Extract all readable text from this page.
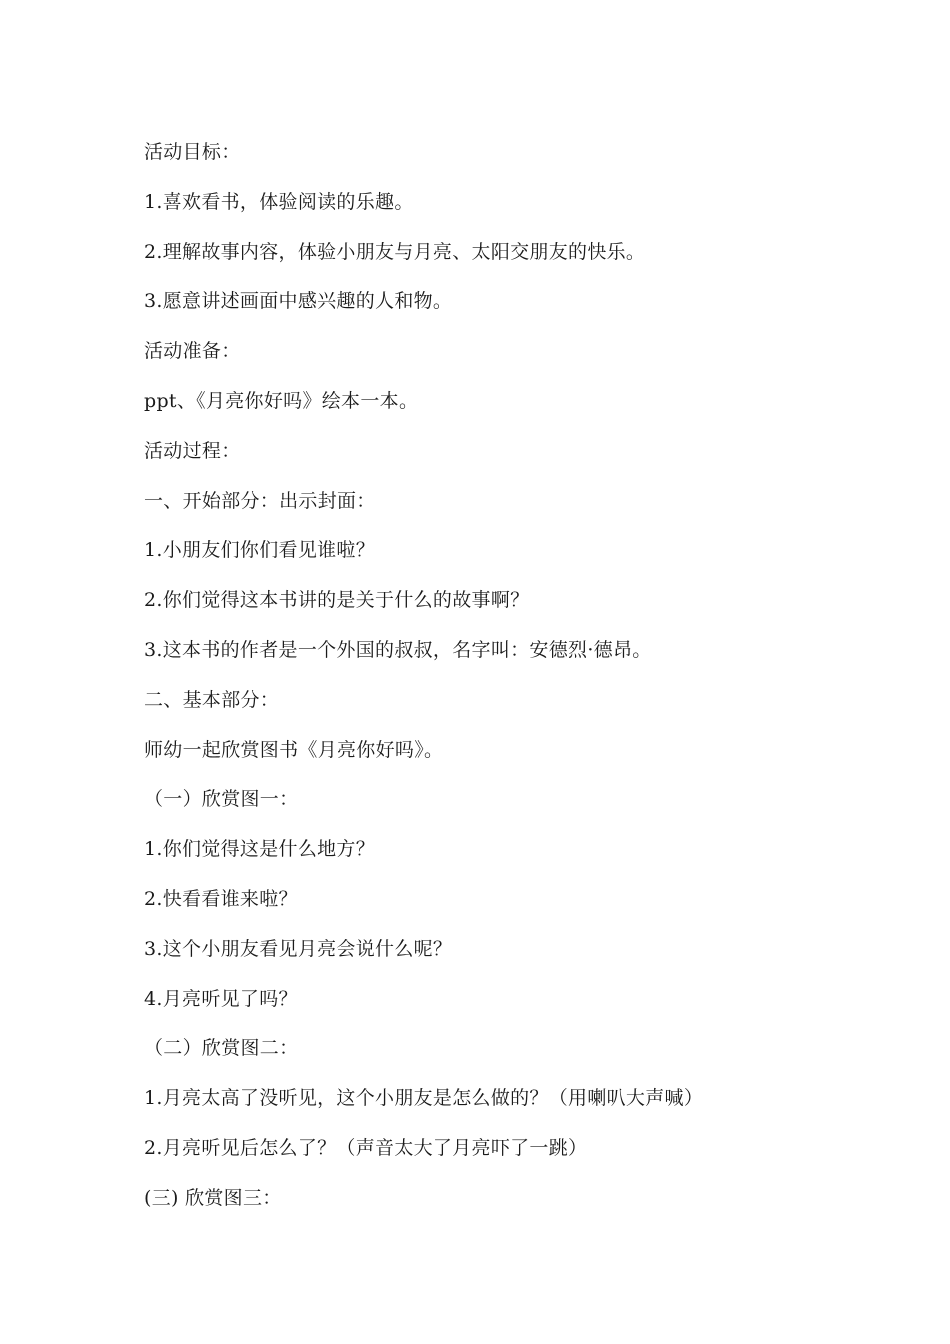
活动目标：
1.喜欢看书，体验阅读的乐趣。
2.理解故事内容，体验小朋友与月亮、太阳交朋友的快乐。
3.愿意讲述画面中感兴趣的人和物。
活动准备：
ppt、《月亮你好吗》绘本一本。
活动过程：
一、开始部分：出示封面：
1.小朋友们你们看见谁啦？
2.你们觉得这本书讲的是关于什么的故事啊？
3.这本书的作者是一个外国的叔叔，名字叫：安德烈·德昂。
二、基本部分：
师幼一起欣赏图书《月亮你好吗》。
（一）欣赏图一：
1.你们觉得这是什么地方？
2.快看看谁来啦？
3.这个小朋友看见月亮会说什么呢？
4.月亮听见了吗？
（二）欣赏图二：
1.月亮太高了没听见，这个小朋友是怎么做的？（用喇叭大声喊）
2.月亮听见后怎么了？（声音太大了月亮吓了一跳）
(三) 欣赏图三：
